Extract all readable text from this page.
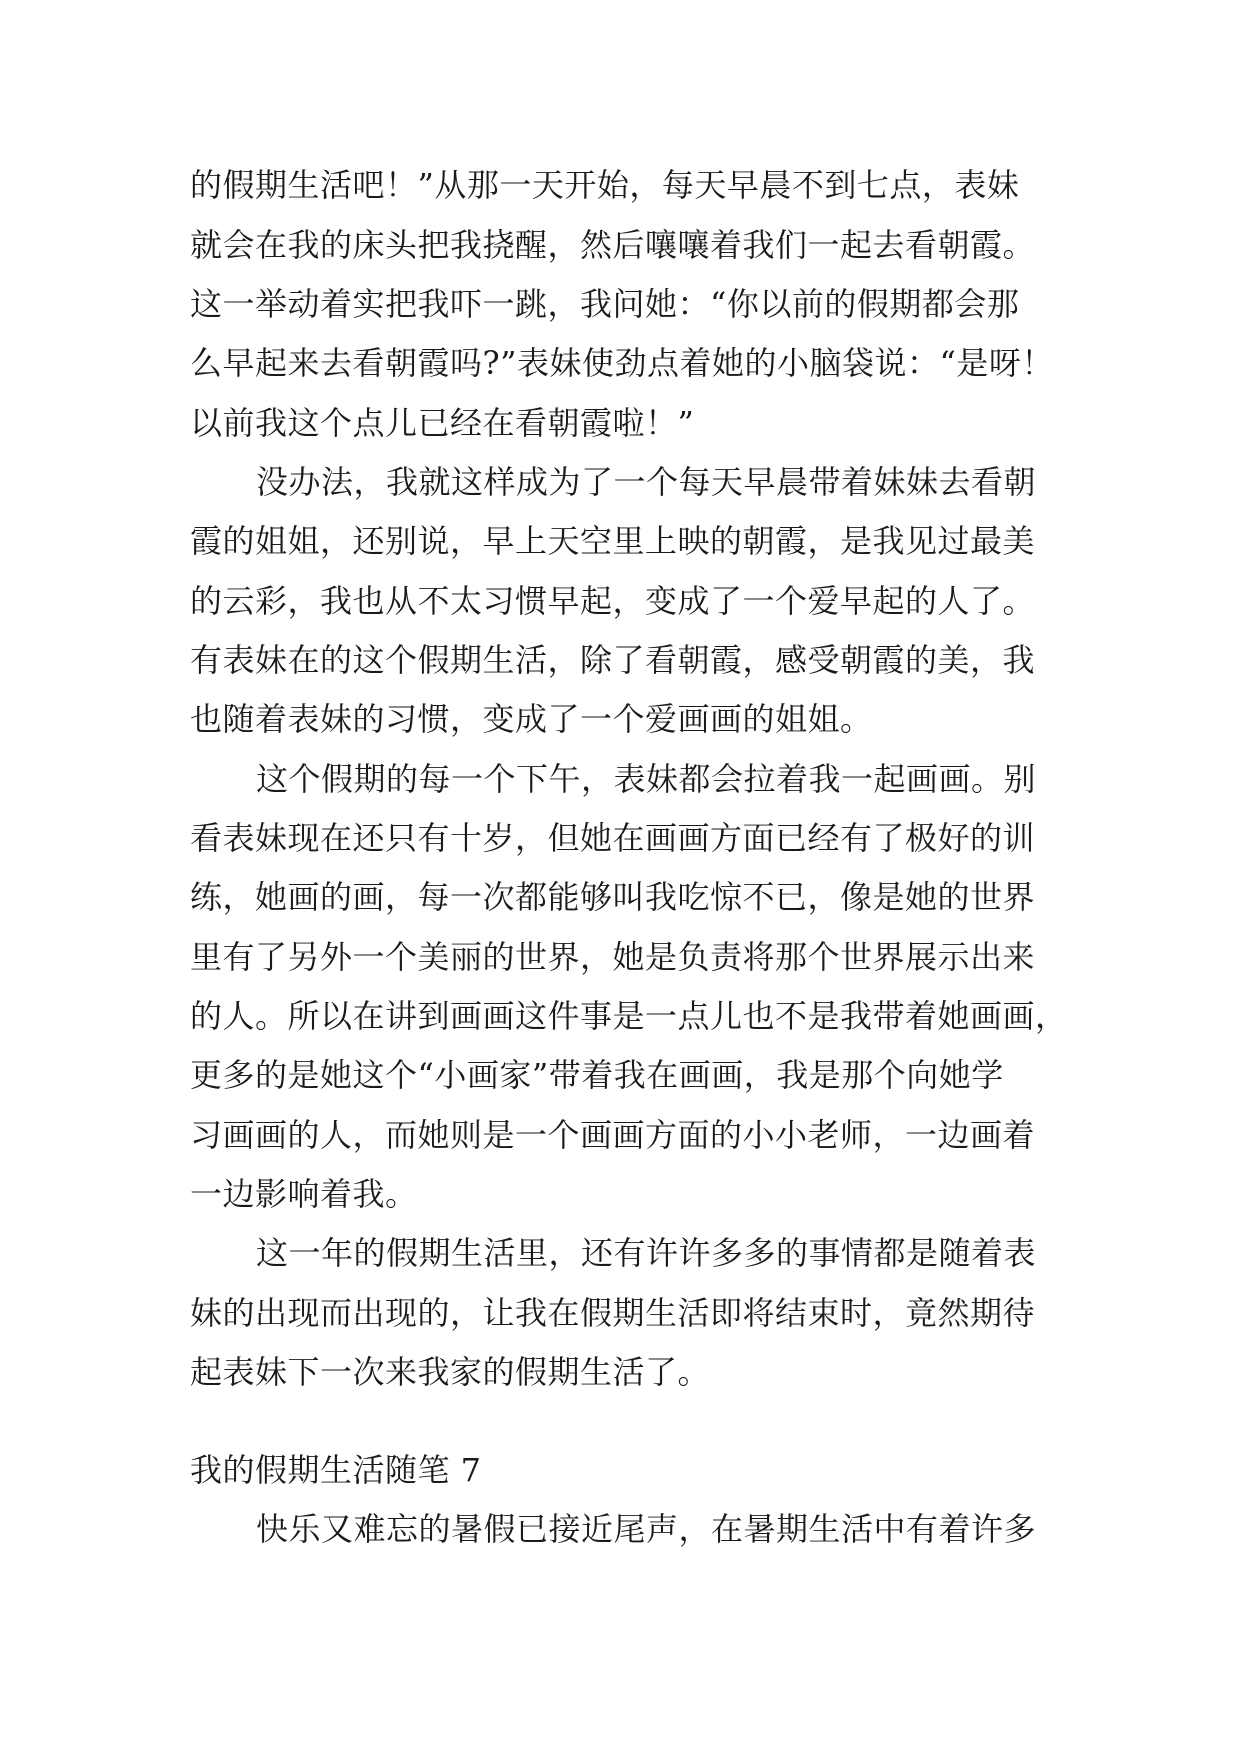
的假期生活吧！”从那一天开始，每天早晨不到七点，表妹
就会在我的床头把我挠醒，然后嚷嚷着我们一起去看朝霞。
这一举动着实把我吓一跳，我问她：“你以前的假期都会那
么早起来去看朝霞吗?”表妹使劲点着她的小脑袋说：“是呀！
以前我这个点儿已经在看朝霞啦！”
没办法，我就这样成为了一个每天早晨带着妹妹去看朝
霞的姐姐，还别说，早上天空里上映的朝霞，是我见过最美
的云彩，我也从不太习惯早起，变成了一个爱早起的人了。
有表妹在的这个假期生活，除了看朝霞，感受朝霞的美，我
也随着表妹的习惯，变成了一个爱画画的姐姐。
这个假期的每一个下午，表妹都会拉着我一起画画。别
看表妹现在还只有十岁，但她在画画方面已经有了极好的训
练，她画的画，每一次都能够叫我吃惊不已，像是她的世界
里有了另外一个美丽的世界，她是负责将那个世界展示出来
的人。所以在讲到画画这件事是一点儿也不是我带着她画画，
更多的是她这个“小画家”带着我在画画，我是那个向她学
习画画的人，而她则是一个画画方面的小小老师，一边画着
一边影响着我。
这一年的假期生活里，还有许许多多的事情都是随着表
妹的出现而出现的，让我在假期生活即将结束时，竟然期待
起表妹下一次来我家的假期生活了。
我的假期生活随笔 7
快乐又难忘的暑假已接近尾声，在暑期生活中有着许多
